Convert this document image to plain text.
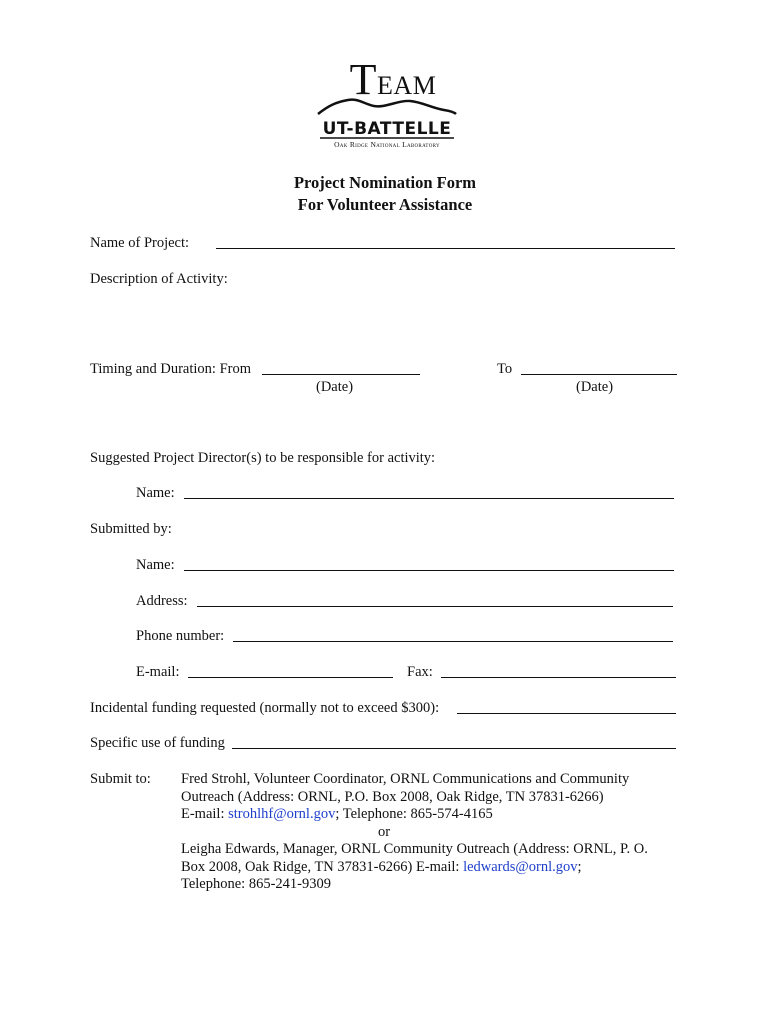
TEAM
UT-BATTELLE
Oak Ridge National Laboratory
Project Nomination Form
For Volunteer Assistance
Name of Project:
Description of Activity:
Timing and Duration: From	To
(Date)	(Date)
Suggested Project Director(s) to be responsible for activity:
Name:
Submitted by:
Name:
Address:
Phone number:
E-mail:	Fax:
Incidental funding requested (normally not to exceed $300):
Specific use of funding
Submit to: Fred Strohl, Volunteer Coordinator, ORNL Communications and Community
Outreach (Address: ORNL, P.O. Box 2008, Oak Ridge, TN 37831-6266)
E-mail: strohlhf@ornl.gov; Telephone: 865-574-4165
or
Leigha Edwards, Manager, ORNL Community Outreach (Address: ORNL, P. O.
Box 2008, Oak Ridge, TN 37831-6266) E-mail: ledwards@ornl.gov;
Telephone: 865-241-9309
